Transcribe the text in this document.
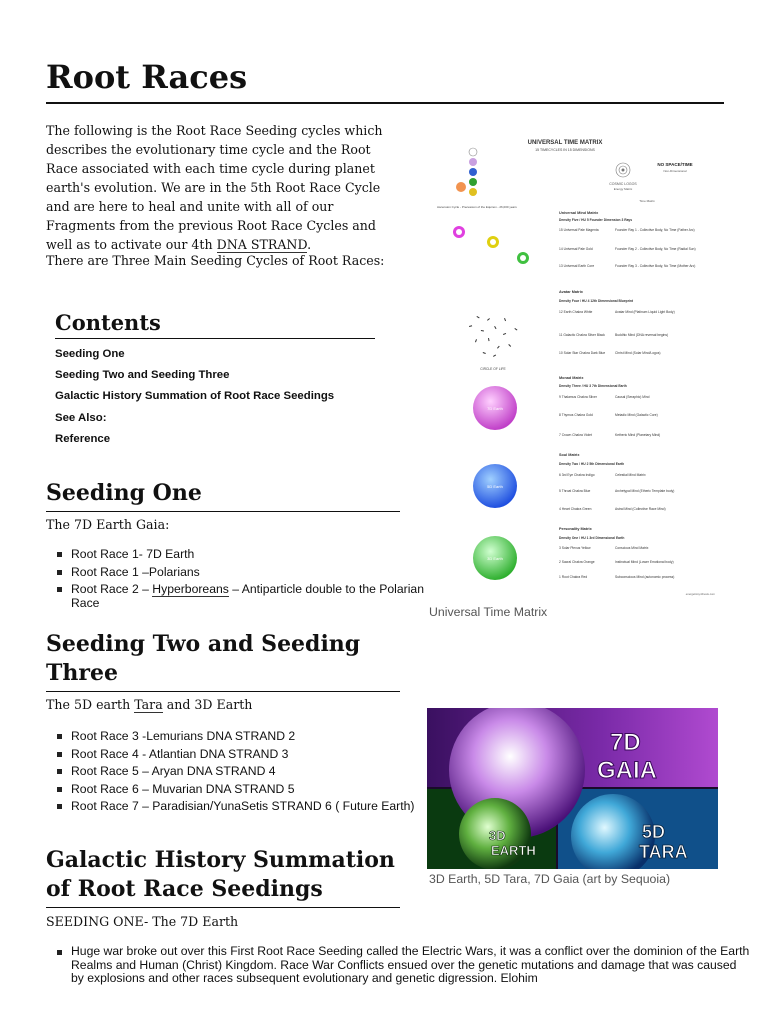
Root Races

The following is the Root Race Seeding cycles which describes the evolutionary time cycle and the Root Race associated with each time cycle during planet earth's evolution. We are in the 5th Root Race Cycle and are here to heal and unite with all of our Fragments from the previous Root Race Cycles and well as to activate our 4th DNA STRAND.

There are Three Main Seeding Cycles of Root Races:

Contents
Seeding One
Seeding Two and Seeding Three
Galactic History Summation of Root Race Seedings
See Also:
Reference
Seeding One

The 7D Earth Gaia:

Root Race 1- 7D Earth
Root Race 1 –Polarians
Root Race 2 – Hyperboreans – Antiparticle double to the Polarian Race
Seeding Two and Seeding Three

The 5D earth Tara and 3D Earth

Root Race 3 -Lemurians DNA STRAND 2
Root Race 4 - Atlantian DNA STRAND 3
Root Race 5 – Aryan DNA STRAND 4
Root Race 6 – Muvarian DNA STRAND 5
Root Race 7 – Paradisian/YunaSetis STRAND 6 ( Future Earth)
Galactic History Summation of Root Race Seedings

SEEDING ONE- The 7D Earth

Huge war broke out over this First Root Race Seeding called the Electric Wars, it was a conflict over the dominion of the Earth Realms and Human (Christ) Kingdom. Race War Conflicts ensued over the genetic mutations and damage that was caused by explosions and other races subsequent evolutionary and genetic digression. Elohim
UNIVERSAL TIME MATRIX
15 TIMECYCLES IN 15 DIMENSIONS
Ascension Cycle - Precession of the Equinox - 26,000 years
COSMIC LOGOS
Energy Matrix
NO SPACE/TIME
Non-Dimensional
Time Matrix
CIRCLE OF LIFE
7D Earth
5D Earth
3D Earth
Universal Mind Matrix
Density Five / HU 5 Founder Dimension 3 Rays
15 Universal Pale Magenta	Founder Ray 1 - Collective Body, No Time (Father Arc)
14 Universal Pale Gold	Founder Ray 2 - Collective Body, No Time (Radial Sun)
13 Universal Earth Core	Founder Ray 3 - Collective Body, No Time (Mother Arc)
Avatar Matrix
Density Four / HU 4 12th Dimensional Blueprint
12 Earth Chakra White	Avatar Mind (Platinum Liquid Light Body)
11 Galactic Chakra Silver Black	Buddhic Mind (DNA reversal begins)
10 Solar Star Chakra Dark Blue	Christ Mind (Solar Mind/Logos)
Monad Matrix
Density Three / HU 3 7th Dimensional Earth
9 Thalamus Chakra Silver	Causal (Seraphic) Mind
8 Thymus Chakra Gold	Metadic Mind (Galactic Core)
7 Crown Chakra Violet	Ketheric Mind (Planetary Mind)
Soul Matrix
Density Two / HU 2 5th Dimensional Earth
6 3rd Eye Chakra Indigo	Celestial Mind Matrix
5 Throat Chakra Blue	Archetypal Mind (Etheric Template body)
4 Heart Chakra Green	Astral Mind (Collective Race Mind)
Personality Matrix
Density One / HU 1 3rd Dimensional Earth
3 Solar Plexus Yellow	Conscious Mind Matrix
2 Sacral Chakra Orange	Instinctual Mind (Lower Emotional body)
1 Root Chakra Red	Subconscious Mind (autonomic process)
energeticsynthesis.com
Universal Time Matrix
7D
GAIA
3D
EARTH
5D
TARA
3D Earth, 5D Tara, 7D Gaia (art by Sequoia)
